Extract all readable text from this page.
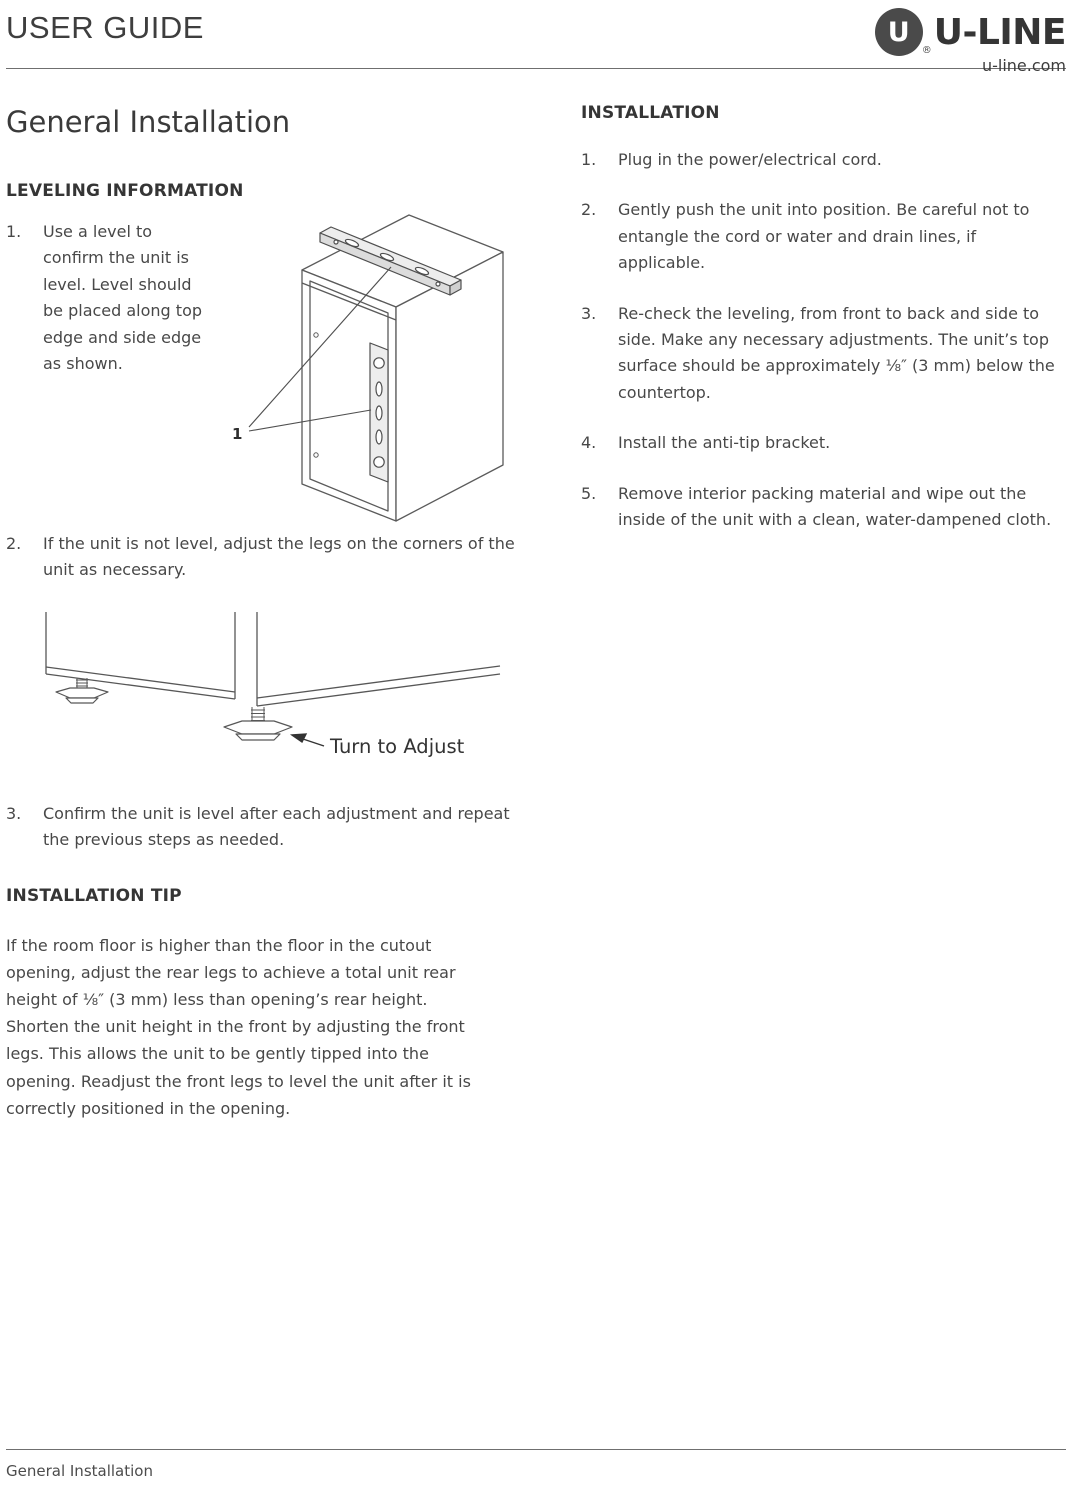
USER GUIDE	U
® U-LINE
u-line.com
General Installation
LEVELING INFORMATION
1.	Use a level to confirm the unit is level. Level should be placed along top edge and side edge as shown.
1
2.	If the unit is not level, adjust the legs on the corners of the unit as necessary.
Turn to Adjust
3.	Confirm the unit is level after each adjustment and repeat the previous steps as needed.
INSTALLATION TIP
If the room floor is higher than the floor in the cutout opening, adjust the rear legs to achieve a total unit rear height of ⅛″ (3 mm) less than opening’s rear height. Shorten the unit height in the front by adjusting the front legs. This allows the unit to be gently tipped into the opening. Readjust the front legs to level the unit after it is correctly positioned in the opening.
INSTALLATION
1.	Plug in the power/electrical cord.
2.	Gently push the unit into position. Be careful not to entangle the cord or water and drain lines, if applicable.
3.	Re-check the leveling, from front to back and side to side. Make any necessary adjustments. The unit’s top surface should be approximately ⅛″ (3 mm) below the countertop.
4.	Install the anti-tip bracket.
5.	Remove interior packing material and wipe out the inside of the unit with a clean, water-dampened cloth.
General Installation
